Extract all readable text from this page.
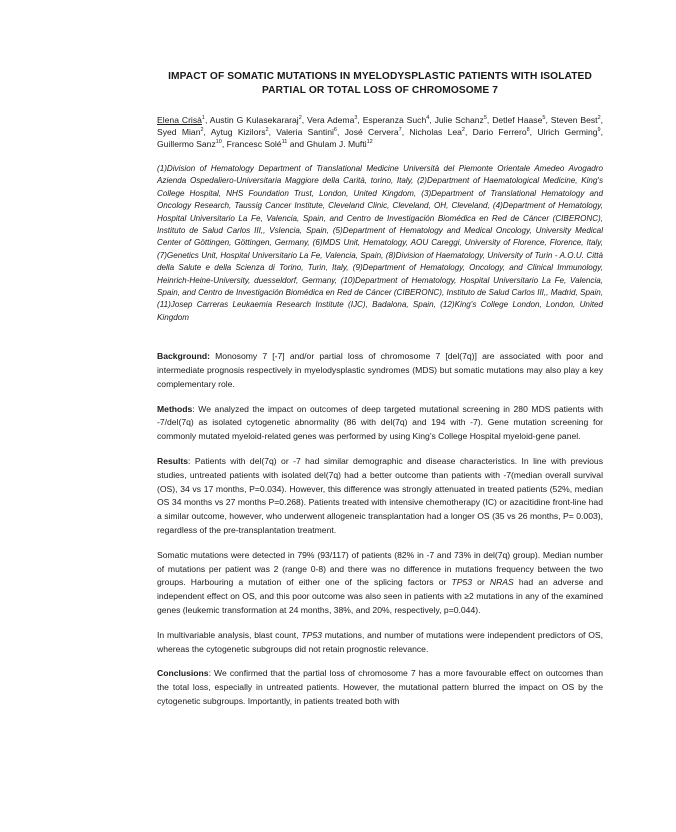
IMPACT OF SOMATIC MUTATIONS IN MYELODYSPLASTIC PATIENTS WITH ISOLATED
PARTIAL OR TOTAL LOSS OF CHROMOSOME 7
Elena Crisà$^1$, Austin G Kulasekararaj$^2$, Vera Adema$^3$, Esperanza Such$^4$, Julie Schanz$^5$, Detlef Haase$^5$, Steven Best$^2$, Syed Mian$^2$, Aytug Kizilors$^2$, Valeria Santini$^6$, José Cervera$^7$, Nicholas Lea$^2$, Dario Ferrero$^8$, Ulrich Germing$^9$, Guillermo Sanz$^{10}$, Francesc Solé$^{11}$ and Ghulam J. Mufti$^{12}$
(1)Division of Hematology Department of Translational Medicine Università del Piemonte Orientale Amedeo Avogadro Azienda Ospedaliero-Universitaria Maggiore della Carità, torino, Italy, (2)Department of Haematological Medicine, King's College Hospital, NHS Foundation Trust, London, United Kingdom, (3)Department of Translational Hematology and Oncology Research, Taussig Cancer Institute, Cleveland Clinic, Cleveland, OH, Cleveland, (4)Department of Hematology, Hospital Universitario La Fe, Valencia, Spain, and Centro de Investigación Biomédica en Red de Cáncer (CIBERONC), Instituto de Salud Carlos III,, Vslencia, Spain, (5)Department of Hematology and Medical Oncology, University Medical Center of Göttingen, Göttingen, Germany, (6)MDS Unit, Hematology, AOU Careggi, University of Florence, Florence, Italy, (7)Genetics Unit, Hospital Universitario La Fe, Valencia, Spain, (8)Division of Haematology, University of Turin - A.O.U. Città della Salute e della Scienza di Torino, Turin, Italy, (9)Department of Hematology, Oncology, and Clinical Immunology, Heinrich-Heine-University, duesseldorf, Germany, (10)Department of Hematology, Hospital Universitario La Fe, Valencia, Spain, and Centro de Investigación Biomédica en Red de Cáncer (CIBERONC), Instituto de Salud Carlos III,, Madrid, Spain, (11)Josep Carreras Leukaemia Research Institute (IJC), Badalona, Spain, (12)King's College London, London, United Kingdom

Background: Monosomy 7 [-7] and/or partial loss of chromosome 7 [del(7q)] are associated with poor and intermediate prognosis respectively in myelodysplastic syndromes (MDS) but somatic mutations may also play a key complementary role.

Methods: We analyzed the impact on outcomes of deep targeted mutational screening in 280 MDS patients with -7/del(7q) as isolated cytogenetic abnormality (86 with del(7q) and 194 with -7). Gene mutation screening for commonly mutated myeloid-related genes was performed by using King’s College Hospital myeloid-gene panel.

Results: Patients with del(7q) or -7 had similar demographic and disease characteristics. In line with previous studies, untreated patients with isolated del(7q) had a better outcome than patients with -7(median overall survival (OS), 34 vs 17 months, P=0.034). However, this difference was strongly attenuated in treated patients (52%, median OS 34 months vs 27 months P=0.268). Patients treated with intensive chemotherapy (IC) or azacitidine front-line had a similar outcome, however, who underwent allogeneic transplantation had a longer OS (35 vs 26 months, P= 0.003), regardless of the pre-transplantation treatment.

Somatic mutations were detected in 79% (93/117) of patients (82% in -7 and 73% in del(7q) group). Median number of mutations per patient was 2 (range 0-8) and there was no difference in mutations frequency between the two groups. Harbouring a mutation of either one of the splicing factors or TP53 or NRAS had an adverse and independent effect on OS, and this poor outcome was also seen in patients with ≥2 mutations in any of the examined genes (leukemic transformation at 24 months, 38%, and 20%, respectively, p=0.044).

In multivariable analysis, blast count, TP53 mutations, and number of mutations were independent predictors of OS, whereas the cytogenetic subgroups did not retain prognostic relevance.

Conclusions: We confirmed that the partial loss of chromosome 7 has a more favourable effect on outcomes than the total loss, especially in untreated patients. However, the mutational pattern blurred the impact on OS by the cytogenetic subgroups. Importantly, in patients treated both with
